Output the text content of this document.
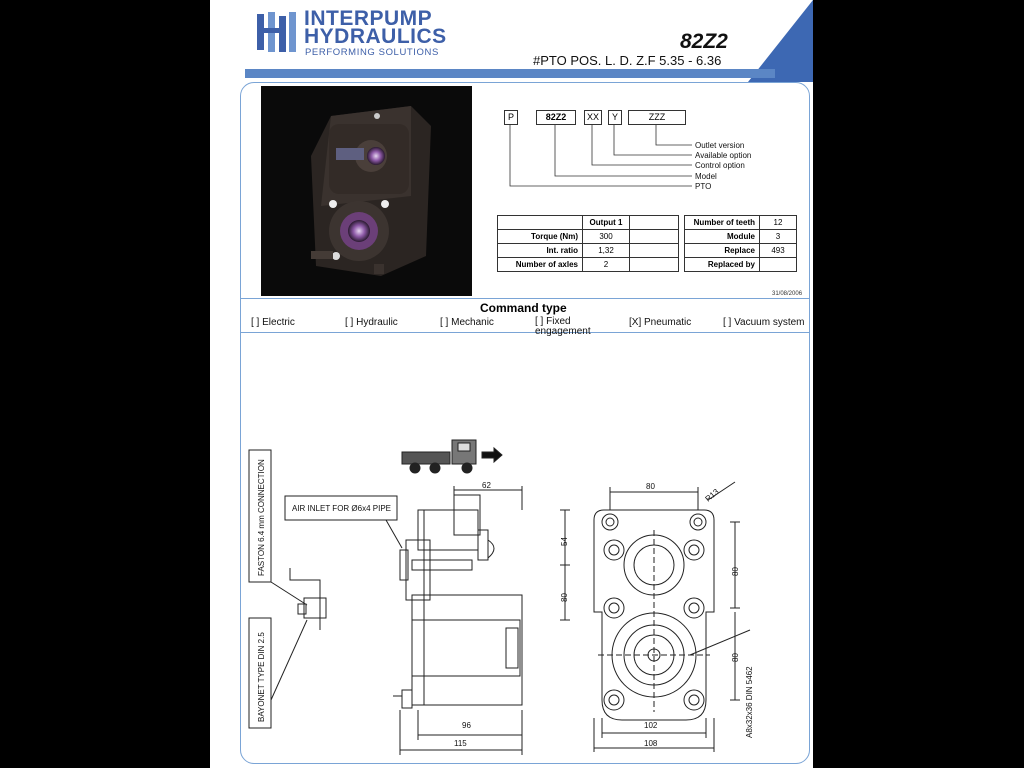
INTERPUMP
HYDRAULICS
PERFORMING SOLUTIONS	82Z2
#PTO POS. L. D. Z.F 5.35 - 6.36
P	82Z2	XX	Y	ZZZ
Outlet version
Available option
Control option
Model
PTO
	Output 1	
Torque (Nm)	300	
Int. ratio	1,32	
Number of axles	2	
Number of teeth	12
Module	3
Replace	493
Replaced by	
31/08/2006
Command type
[ ] Electric	[ ] Hydraulic	[ ] Mechanic	[ ] Fixed engagement
[X] Pneumatic	[ ] Vacuum system
FASTON 6.4 mm CONNECTION
BAYONET TYPE DIN 2.5
AIR INLET FOR Ø6x4 PIPE
62
54
80
96
115
80
R13
80
80
102
108
A8x32x36 DIN 5462
